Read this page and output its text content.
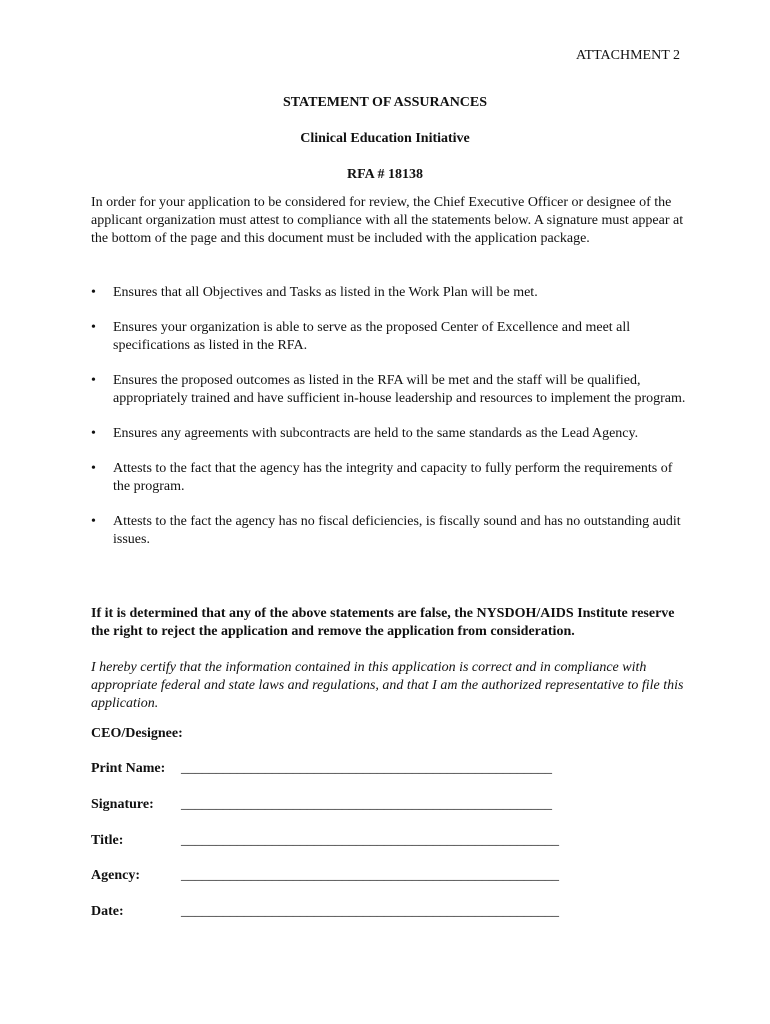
ATTACHMENT 2
STATEMENT OF ASSURANCES
Clinical Education Initiative
RFA # 18138
In order for your application to be considered for review, the Chief Executive Officer or designee of the applicant organization must attest to compliance with all the statements below. A signature must appear at the bottom of the page and this document must be included with the application package.
• Ensures that all Objectives and Tasks as listed in the Work Plan will be met.
• Ensures your organization is able to serve as the proposed Center of Excellence and meet all specifications as listed in the RFA.
• Ensures the proposed outcomes as listed in the RFA will be met and the staff will be qualified, appropriately trained and have sufficient in-house leadership and resources to implement the program.
• Ensures any agreements with subcontracts are held to the same standards as the Lead Agency.
• Attests to the fact that the agency has the integrity and capacity to fully perform the requirements of the program.
• Attests to the fact the agency has no fiscal deficiencies, is fiscally sound and has no outstanding audit issues.
If it is determined that any of the above statements are false, the NYSDOH/AIDS Institute reserve the right to reject the application and remove the application from consideration.
I hereby certify that the information contained in this application is correct and in compliance with appropriate federal and state laws and regulations, and that I am the authorized representative to file this application.
CEO/Designee:
Print Name: _____________________________________________________
Signature: _____________________________________________________
Title:	______________________________________________________
Agency:	______________________________________________________
Date:	______________________________________________________
